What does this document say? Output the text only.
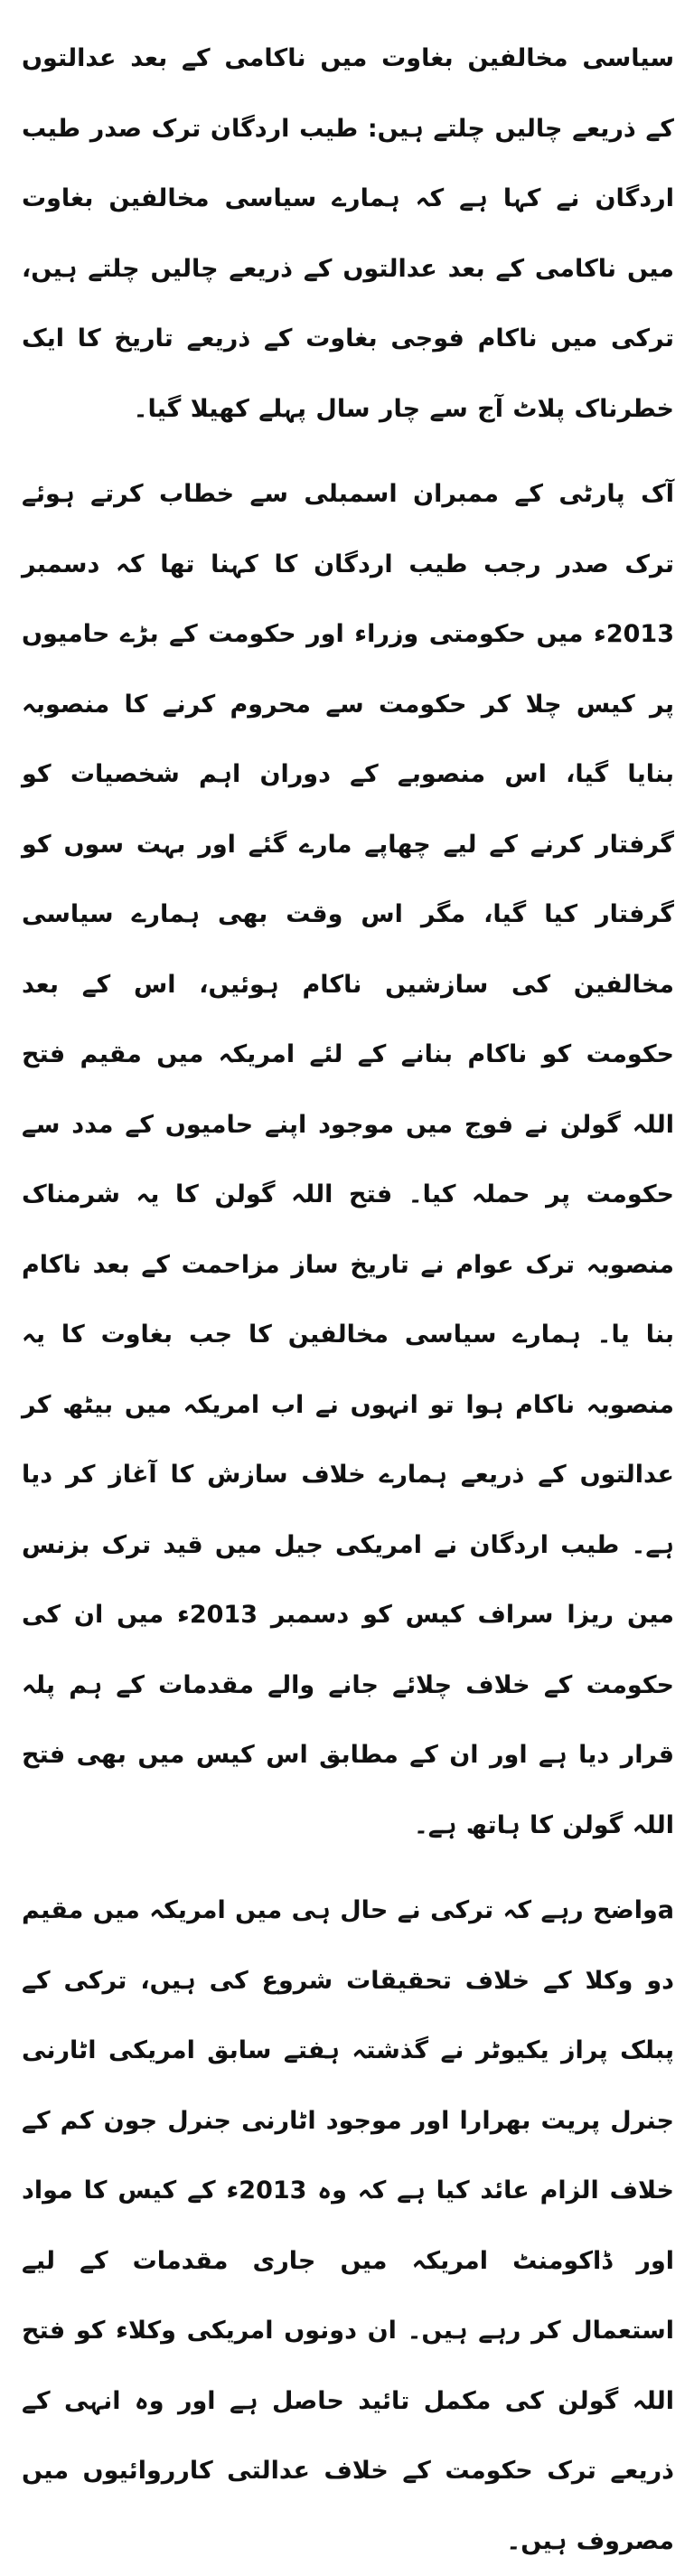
سیاسی مخالفین بغاوت میں ناکامی کے بعد عدالتوں کے ذریعے چالیں چلتے ہیں: طیب اردگان ترک صدر طیب اردگان نے کہا ہے کہ ہمارے سیاسی مخالفین بغاوت میں ناکامی کے بعد عدالتوں کے ذریعے چالیں چلتے ہیں، ترکی میں ناکام فوجی بغاوت کے ذریعے تاریخ کا ایک خطرناک پلاٹ آج سے چار سال پہلے کھیلا گیا۔

آک پارٹی کے ممبران اسمبلی سے خطاب کرتے ہوئے ترک صدر رجب طیب اردگان کا کہنا تھا کہ دسمبر 2013ء میں حکومتی وزراء اور حکومت کے بڑے حامیوں پر کیس چلا کر حکومت سے محروم کرنے کا منصوبہ بنایا گیا، اس منصوبے کے دوران اہم شخصیات کو گرفتار کرنے کے لیے چھاپے مارے گئے اور بہت سوں کو گرفتار کیا گیا، مگر اس وقت بھی ہمارے سیاسی مخالفین کی سازشیں ناکام ہوئیں، اس کے بعد حکومت کو ناکام بنانے کے لئے امریکہ میں مقیم فتح اللہ گولن نے فوج میں موجود اپنے حامیوں کے مدد سے حکومت پر حملہ کیا۔ فتح اللہ گولن کا یہ شرمناک منصوبہ ترک عوام نے تاریخ ساز مزاحمت کے بعد ناکام بنا یا۔ ہمارے سیاسی مخالفین کا جب بغاوت کا یہ منصوبہ ناکام ہوا تو انہوں نے اب امریکہ میں بیٹھ کر عدالتوں کے ذریعے ہمارے خلاف سازش کا آغاز کر دیا ہے۔ طیب اردگان نے امریکی جیل میں قید ترک بزنس مین ریزا سراف کیس کو دسمبر 2013ء میں ان کی حکومت کے خلاف چلائے جانے والے مقدمات کے ہم پلہ قرار دیا ہے اور ان کے مطابق اس کیس میں بھی فتح اللہ گولن کا ہاتھ ہے۔

aواضح رہے کہ ترکی نے حال ہی میں امریکہ میں مقیم دو وکلا کے خلاف تحقیقات شروع کی ہیں، ترکی کے پبلک پراز یکیوٹر نے گذشتہ ہفتے سابق امریکی اٹارنی جنرل پریت بھرارا اور موجود اٹارنی جنرل جون کم کے خلاف الزام عائد کیا ہے کہ وہ 2013ء کے کیس کا مواد اور ڈاکومنٹ امریکہ میں جاری مقدمات کے لیے استعمال کر رہے ہیں۔ ان دونوں امریکی وکلاء کو فتح اللہ گولن کی مکمل تائید حاصل ہے اور وہ انہی کے ذریعے ترک حکومت کے خلاف عدالتی کارروائیوں میں مصروف ہیں۔
